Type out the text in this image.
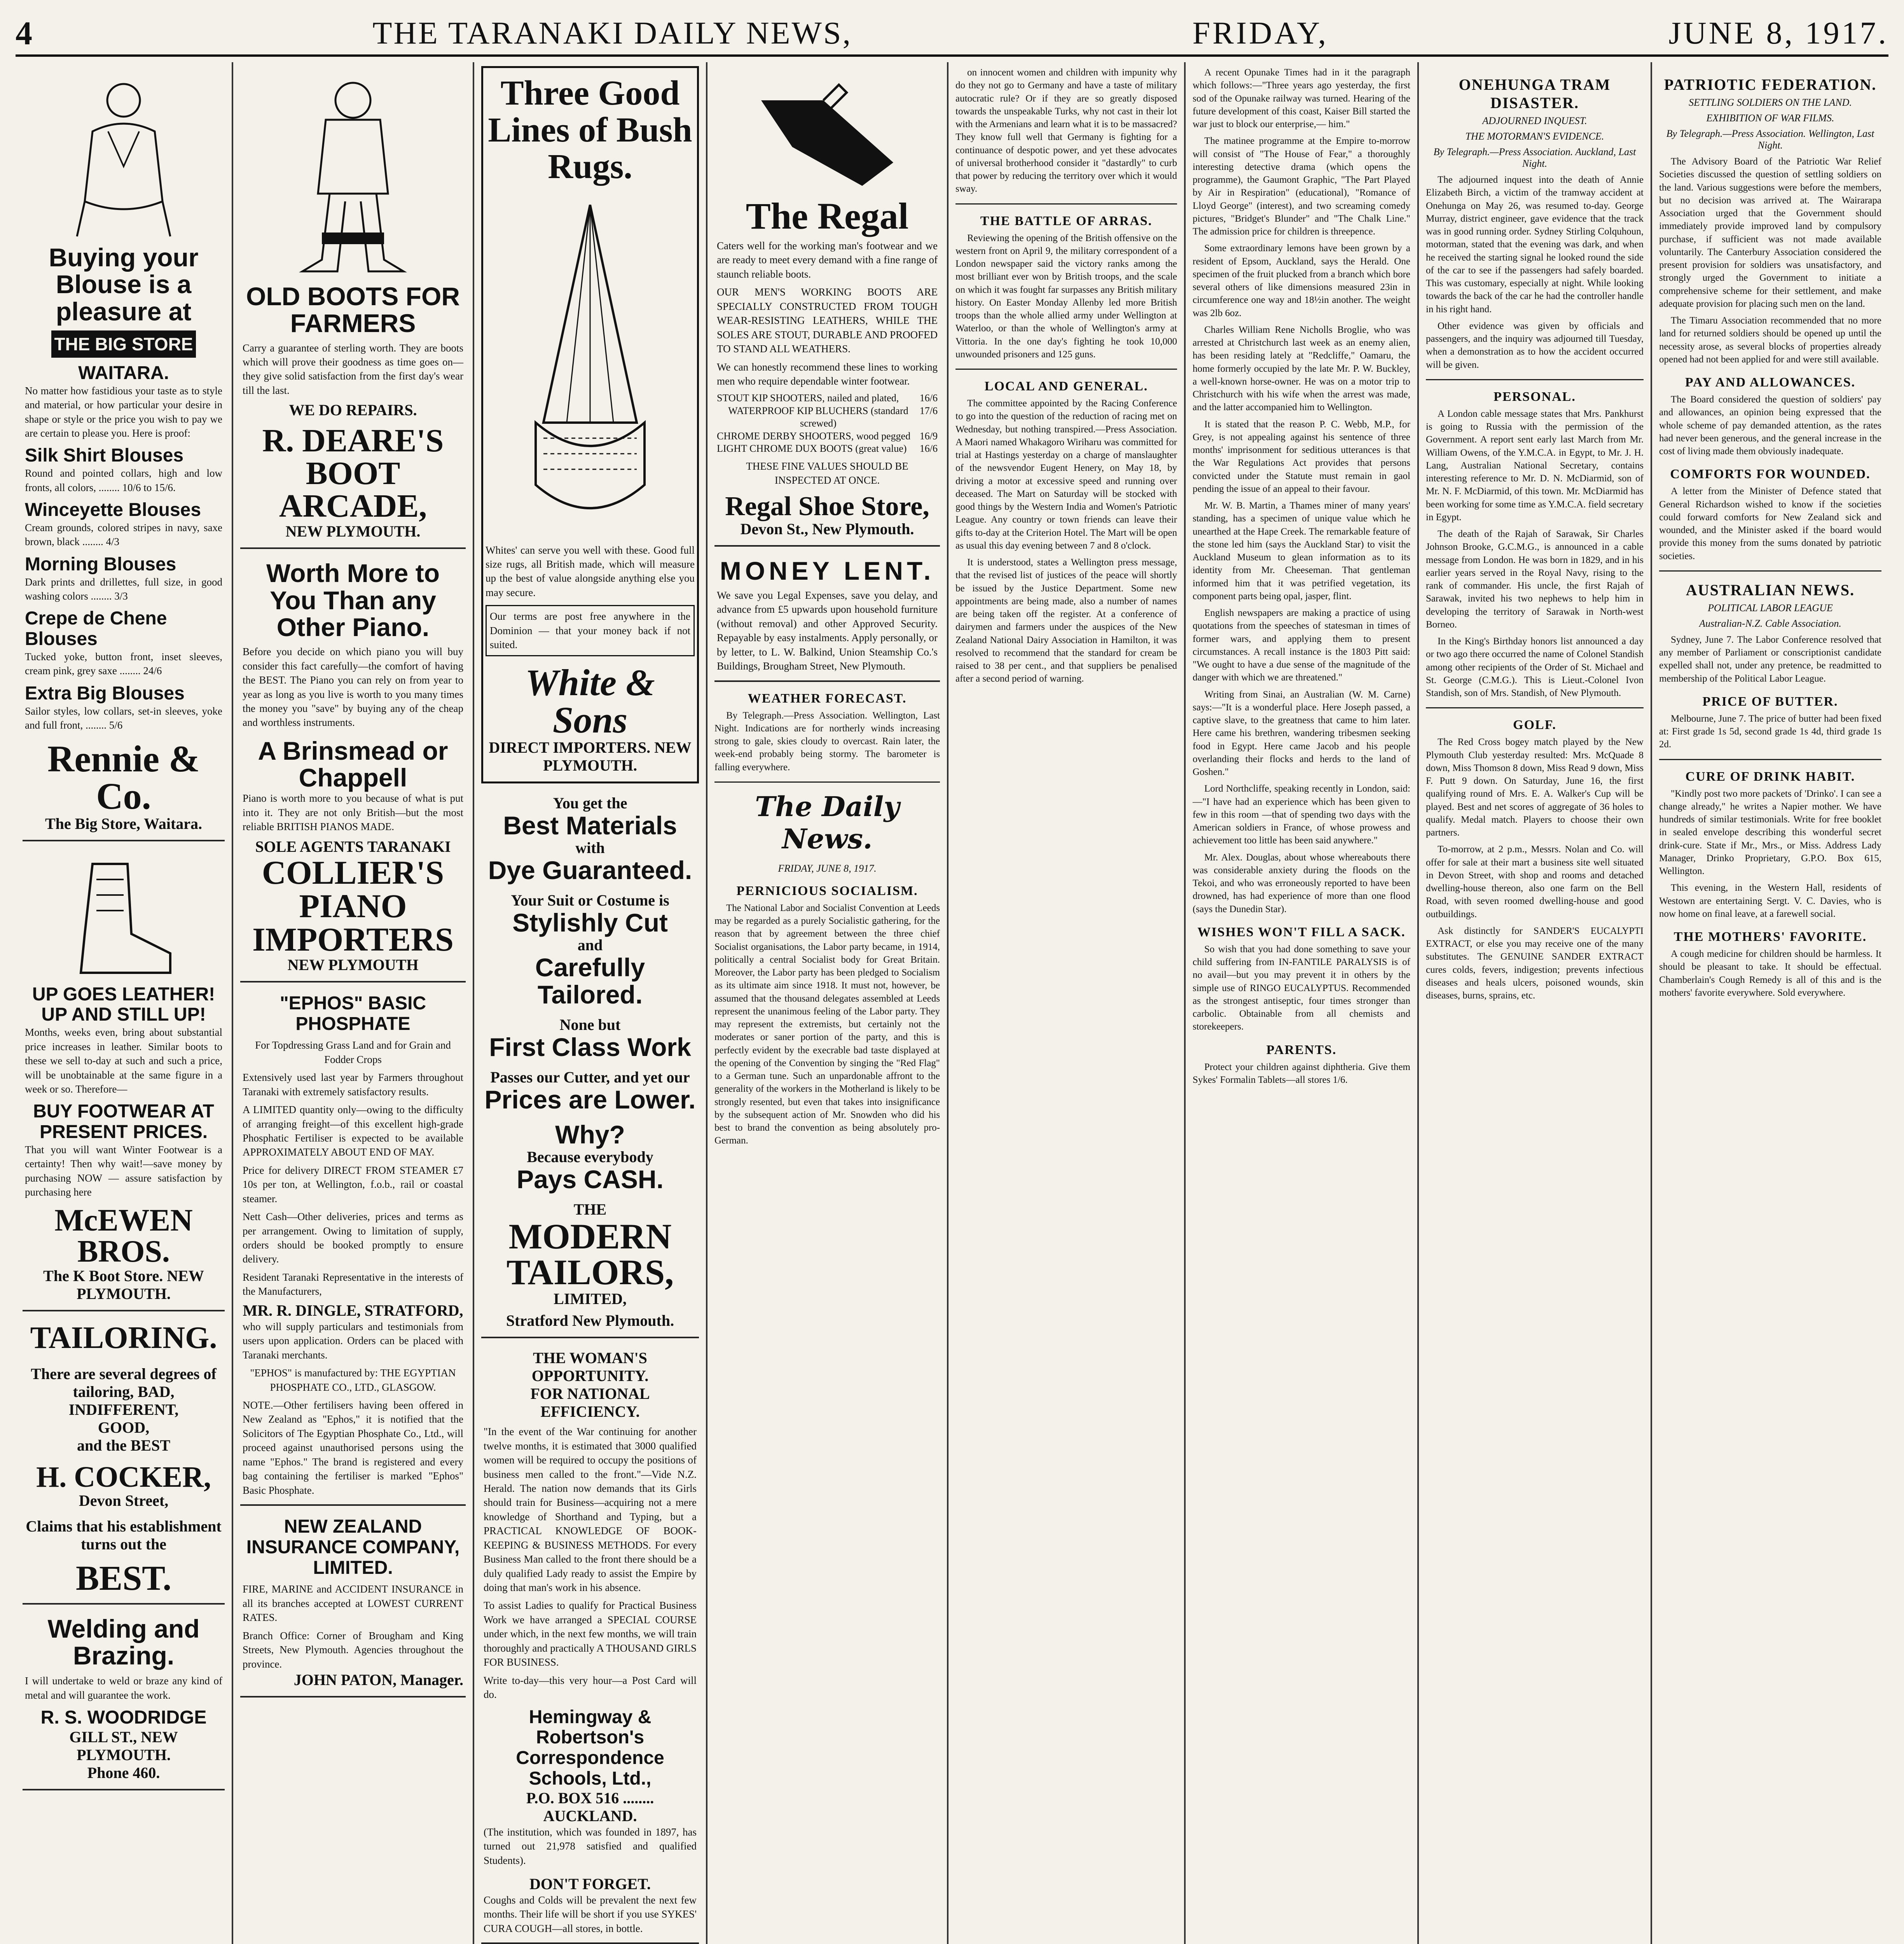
4	THE TARANAKI DAILY NEWS,	FRIDAY,	JUNE 8, 1917.
Buying your Blouse is a pleasure at
THE BIG STORE
WAITARA.
No matter how fastidious your taste as to style and material, or how particular your desire in shape or style or the price you wish to pay we are certain to please you. Here is proof:
Silk Shirt Blouses
Round and pointed collars, high and low fronts, all colors, ........ 10/6 to 15/6.
Winceyette Blouses
Cream grounds, colored stripes in navy, saxe brown, black ........ 4/3
Morning Blouses
Dark prints and drillettes, full size, in good washing colors ........ 3/3
Crepe de Chene Blouses
Tucked yoke, button front, inset sleeves, cream pink, grey saxe ........ 24/6
Extra Big Blouses
Sailor styles, low collars, set-in sleeves, yoke and full front, ........ 5/6
Rennie & Co.
The Big Store, Waitara.
UP GOES LEATHER! UP AND STILL UP!
Months, weeks even, bring about substantial price increases in leather. Similar boots to these we sell to-day at such and such a price, will be unobtainable at the same figure in a week or so. Therefore—
BUY FOOTWEAR AT PRESENT PRICES.
That you will want Winter Footwear is a certainty! Then why wait!—save money by purchasing NOW — assure satisfaction by purchasing here
McEWEN BROS.
The K Boot Store. NEW PLYMOUTH.
TAILORING.
There are several degrees of
tailoring, BAD,
INDIFFERENT,
GOOD,
and the BEST
H. COCKER,
Devon Street,
Claims that his establishment turns out the
BEST.
Welding and Brazing.
I will undertake to weld or braze any kind of metal and will guarantee the work.
R. S. WOODRIDGE
GILL ST., NEW PLYMOUTH.
Phone 460.
OLD BOOTS FOR FARMERS
Carry a guarantee of sterling worth. They are boots which will prove their goodness as time goes on—they give solid satisfaction from the first day's wear till the last.
WE DO REPAIRS.
R. DEARE'S BOOT ARCADE,
NEW PLYMOUTH.
Worth More to You Than any Other Piano.
Before you decide on which piano you will buy consider this fact carefully—the comfort of having the BEST. The Piano you can rely on from year to year as long as you live is worth to you many times the money you "save" by buying any of the cheap and worthless instruments.
A Brinsmead or Chappell
Piano is worth more to you because of what is put into it. They are not only British—but the most reliable BRITISH PIANOS MADE.
SOLE AGENTS TARANAKI
COLLIER'S PIANO IMPORTERS
NEW PLYMOUTH
"EPHOS" BASIC PHOSPHATE
For Topdressing Grass Land and for Grain and Fodder Crops
Extensively used last year by Farmers throughout Taranaki with extremely satisfactory results.
A LIMITED quantity only—owing to the difficulty of arranging freight—of this excellent high-grade Phosphatic Fertiliser is expected to be available APPROXIMATELY ABOUT END OF MAY.
Price for delivery DIRECT FROM STEAMER £7 10s per ton, at Wellington, f.o.b., rail or coastal steamer.
Nett Cash—Other deliveries, prices and terms as per arrangement. Owing to limitation of supply, orders should be booked promptly to ensure delivery.
Resident Taranaki Representative in the interests of the Manufacturers,
MR. R. DINGLE, STRATFORD,
who will supply particulars and testimonials from users upon application. Orders can be placed with Taranaki merchants.
"EPHOS" is manufactured by: THE EGYPTIAN PHOSPHATE CO., LTD., GLASGOW.
NOTE.—Other fertilisers having been offered in New Zealand as "Ephos," it is notified that the Solicitors of The Egyptian Phosphate Co., Ltd., will proceed against unauthorised persons using the name "Ephos." The brand is registered and every bag containing the fertiliser is marked "Ephos" Basic Phosphate.
NEW ZEALAND INSURANCE COMPANY, LIMITED.
FIRE, MARINE and ACCIDENT INSURANCE in all its branches accepted at LOWEST CURRENT RATES.
Branch Office: Corner of Brougham and King Streets, New Plymouth. Agencies throughout the province.
JOHN PATON, Manager.
Three Good Lines of Bush Rugs.
Whites' can serve you well with these. Good full size rugs, all British made, which will measure up the best of value alongside anything else you may secure.
Our terms are post free anywhere in the Dominion — that your money back if not suited.
White & Sons
DIRECT IMPORTERS. NEW PLYMOUTH.
You get the
Best Materials
with
Dye Guaranteed.
Your Suit or Costume is
Stylishly Cut
and
Carefully Tailored.
None but
First Class Work
Passes our Cutter, and yet our
Prices are Lower.
Why?
Because everybody
Pays CASH.
THE
MODERN TAILORS,
LIMITED,
Stratford New Plymouth.
THE WOMAN'S OPPORTUNITY.
FOR NATIONAL EFFICIENCY.
"In the event of the War continuing for another twelve months, it is estimated that 3000 qualified women will be required to occupy the positions of business men called to the front."—Vide N.Z. Herald. The nation now demands that its Girls should train for Business—acquiring not a mere knowledge of Shorthand and Typing, but a PRACTICAL KNOWLEDGE OF BOOK-KEEPING & BUSINESS METHODS. For every Business Man called to the front there should be a duly qualified Lady ready to assist the Empire by doing that man's work in his absence.
To assist Ladies to qualify for Practical Business Work we have arranged a SPECIAL COURSE under which, in the next few months, we will train thoroughly and practically A THOUSAND GIRLS FOR BUSINESS.
Write to-day—this very hour—a Post Card will do.
Hemingway & Robertson's Correspondence Schools, Ltd.,
P.O. BOX 516 ........ AUCKLAND.
(The institution, which was founded in 1897, has turned out 21,978 satisfied and qualified Students).
DON'T FORGET.
Coughs and Colds will be prevalent the next few months. Their life will be short if you use SYKES' CURA COUGH—all stores, in bottle.
The Regal
Caters well for the working man's footwear and we are ready to meet every demand with a fine range of staunch reliable boots.
OUR MEN'S WORKING BOOTS ARE SPECIALLY CONSTRUCTED FROM TOUGH WEAR-RESISTING LEATHERS, WHILE THE SOLES ARE STOUT, DURABLE AND PROOFED TO STAND ALL WEATHERS.
We can honestly recommend these lines to working men who require dependable winter footwear.
STOUT KIP SHOOTERS, nailed and plated, 16/6
WATERPROOF KIP BLUCHERS (standard screwed)
17/6
CHROME DERBY SHOOTERS, wood pegged 16/9
LIGHT CHROME DUX BOOTS (great value) 16/6
THESE FINE VALUES SHOULD BE INSPECTED AT ONCE.
Regal Shoe Store,
Devon St., New Plymouth.
MONEY LENT.
We save you Legal Expenses, save you delay, and advance from £5 upwards upon household furniture (without removal) and other Approved Security. Repayable by easy instalments. Apply personally, or by letter, to L. W. Balkind, Union Steamship Co.'s Buildings, Brougham Street, New Plymouth.
WEATHER FORECAST.

By Telegraph.—Press Association. Wellington, Last Night. Indications are for northerly winds increasing strong to gale, skies cloudy to overcast. Rain later, the week-end probably being stormy. The barometer is falling everywhere.

The Daily News.
FRIDAY, JUNE 8, 1917.
PERNICIOUS SOCIALISM.

The National Labor and Socialist Convention at Leeds may be regarded as a purely Socialistic gathering, for the reason that by agreement between the three chief Socialist organisations, the Labor party became, in 1914, politically a central Socialist body for Great Britain. Moreover, the Labor party has been pledged to Socialism as its ultimate aim since 1918. It must not, however, be assumed that the thousand delegates assembled at Leeds represent the unanimous feeling of the Labor party. They may represent the extremists, but certainly not the moderates or saner portion of the party, and this is perfectly evident by the execrable bad taste displayed at the opening of the Convention by singing the "Red Flag" to a German tune. Such an unpardonable affront to the generality of the workers in the Motherland is likely to be strongly resented, but even that takes into insignificance by the subsequent action of Mr. Snowden who did his best to brand the convention as being absolutely pro-German.

on innocent women and children with impunity why do they not go to Germany and have a taste of military autocratic rule? Or if they are so greatly disposed towards the unspeakable Turks, why not cast in their lot with the Armenians and learn what it is to be massacred? They know full well that Germany is fighting for a continuance of despotic power, and yet these advocates of universal brotherhood consider it "dastardly" to curb that power by reducing the territory over which it would sway.

THE BATTLE OF ARRAS.

Reviewing the opening of the British offensive on the western front on April 9, the military correspondent of a London newspaper said the victory ranks among the most brilliant ever won by British troops, and the scale on which it was fought far surpasses any British military history. On Easter Monday Allenby led more British troops than the whole allied army under Wellington at Waterloo, or than the whole of Wellington's army at Vittoria. In the one day's fighting he took 10,000 unwounded prisoners and 125 guns.

LOCAL AND GENERAL.

The committee appointed by the Racing Conference to go into the question of the reduction of racing met on Wednesday, but nothing transpired.—Press Association. A Maori named Whakagoro Wiriharu was committed for trial at Hastings yesterday on a charge of manslaughter of the newsvendor Eugent Henery, on May 18, by driving a motor at excessive speed and running over deceased. The Mart on Saturday will be stocked with good things by the Western India and Women's Patriotic League. Any country or town friends can leave their gifts to-day at the Criterion Hotel. The Mart will be open as usual this day evening between 7 and 8 o'clock.

It is understood, states a Wellington press message, that the revised list of justices of the peace will shortly be issued by the Justice Department. Some new appointments are being made, also a number of names are being taken off the register. At a conference of dairymen and farmers under the auspices of the New Zealand National Dairy Association in Hamilton, it was resolved to recommend that the standard for cream be raised to 38 per cent., and that suppliers be penalised after a second period of warning.

A recent Opunake Times had in it the paragraph which follows:—"Three years ago yesterday, the first sod of the Opunake railway was turned. Hearing of the future development of this coast, Kaiser Bill started the war just to block our enterprise,— him."

The matinee programme at the Empire to-morrow will consist of "The House of Fear," a thoroughly interesting detective drama (which opens the programme), the Gaumont Graphic, "The Part Played by Air in Respiration" (educational), "Romance of Lloyd George" (interest), and two screaming comedy pictures, "Bridget's Blunder" and "The Chalk Line." The admission price for children is threepence.

Some extraordinary lemons have been grown by a resident of Epsom, Auckland, says the Herald. One specimen of the fruit plucked from a branch which bore several others of like dimensions measured 23in in circumference one way and 18½in another. The weight was 2lb 6oz.

Charles William Rene Nicholls Broglie, who was arrested at Christchurch last week as an enemy alien, has been residing lately at "Redcliffe," Oamaru, the home formerly occupied by the late Mr. P. W. Buckley, a well-known horse-owner. He was on a motor trip to Christchurch with his wife when the arrest was made, and the latter accompanied him to Wellington.

It is stated that the reason P. C. Webb, M.P., for Grey, is not appealing against his sentence of three months' imprisonment for seditious utterances is that the War Regulations Act provides that persons convicted under the Statute must remain in gaol pending the issue of an appeal to their favour.

Mr. W. B. Martin, a Thames miner of many years' standing, has a specimen of unique value which he unearthed at the Hape Creek. The remarkable feature of the stone led him (says the Auckland Star) to visit the Auckland Museum to glean information as to its identity from Mr. Cheeseman. That gentleman informed him that it was petrified vegetation, its component parts being opal, jasper, flint.

English newspapers are making a practice of using quotations from the speeches of statesman in times of former wars, and applying them to present circumstances. A recall instance is the 1803 Pitt said: "We ought to have a due sense of the magnitude of the danger with which we are threatened."

Writing from Sinai, an Australian (W. M. Carne) says:—"It is a wonderful place. Here Joseph passed, a captive slave, to the greatness that came to him later. Here came his brethren, wandering tribesmen seeking food in Egypt. Here came Jacob and his people overlanding their flocks and herds to the land of Goshen."

Lord Northcliffe, speaking recently in London, said:—"I have had an experience which has been given to few in this room —that of spending two days with the American soldiers in France, of whose prowess and achievement too little has been said anywhere."

Mr. Alex. Douglas, about whose whereabouts there was considerable anxiety during the floods on the Tekoi, and who was erroneously reported to have been drowned, has had experience of more than one flood (says the Dunedin Star).

WISHES WON'T FILL A SACK.

So wish that you had done something to save your child suffering from IN-FANTILE PARALYSIS is of no avail—but you may prevent it in others by the simple use of RINGO EUCALYPTUS. Recommended as the strongest antiseptic, four times stronger than carbolic. Obtainable from all chemists and storekeepers.

PARENTS.

Protect your children against diphtheria. Give them Sykes' Formalin Tablets—all stores 1/6.

ONEHUNGA TRAM DISASTER.
ADJOURNED INQUEST.
THE MOTORMAN'S EVIDENCE.
By Telegraph.—Press Association. Auckland, Last Night.

The adjourned inquest into the death of Annie Elizabeth Birch, a victim of the tramway accident at Onehunga on May 26, was resumed to-day. George Murray, district engineer, gave evidence that the track was in good running order. Sydney Stirling Colquhoun, motorman, stated that the evening was dark, and when he received the starting signal he looked round the side of the car to see if the passengers had safely boarded. This was customary, especially at night. While looking towards the back of the car he had the controller handle in his right hand.

Other evidence was given by officials and passengers, and the inquiry was adjourned till Tuesday, when a demonstration as to how the accident occurred will be given.

PERSONAL.

A London cable message states that Mrs. Pankhurst is going to Russia with the permission of the Government. A report sent early last March from Mr. William Owens, of the Y.M.C.A. in Egypt, to Mr. J. H. Lang, Australian National Secretary, contains interesting reference to Mr. D. N. McDiarmid, son of Mr. N. F. McDiarmid, of this town. Mr. McDiarmid has been working for some time as Y.M.C.A. field secretary in Egypt.

The death of the Rajah of Sarawak, Sir Charles Johnson Brooke, G.C.M.G., is announced in a cable message from London. He was born in 1829, and in his earlier years served in the Royal Navy, rising to the rank of commander. His uncle, the first Rajah of Sarawak, invited his two nephews to help him in developing the territory of Sarawak in North-west Borneo.

In the King's Birthday honors list announced a day or two ago there occurred the name of Colonel Standish among other recipients of the Order of St. Michael and St. George (C.M.G.). This is Lieut.-Colonel Ivon Standish, son of Mrs. Standish, of New Plymouth.

GOLF.

The Red Cross bogey match played by the New Plymouth Club yesterday resulted: Mrs. McQuade 8 down, Miss Thomson 8 down, Miss Read 9 down, Miss F. Putt 9 down. On Saturday, June 16, the first qualifying round of Mrs. E. A. Walker's Cup will be played. Best and net scores of aggregate of 36 holes to qualify. Medal match. Players to choose their own partners.

To-morrow, at 2 p.m., Messrs. Nolan and Co. will offer for sale at their mart a business site well situated in Devon Street, with shop and rooms and detached dwelling-house thereon, also one farm on the Bell Road, with seven roomed dwelling-house and good outbuildings.

Ask distinctly for SANDER'S EUCALYPTI EXTRACT, or else you may receive one of the many substitutes. The GENUINE SANDER EXTRACT cures colds, fevers, indigestion; prevents infectious diseases and heals ulcers, poisoned wounds, skin diseases, burns, sprains, etc.

PATRIOTIC FEDERATION.
SETTLING SOLDIERS ON THE LAND.
EXHIBITION OF WAR FILMS.
By Telegraph.—Press Association. Wellington, Last Night.

The Advisory Board of the Patriotic War Relief Societies discussed the question of settling soldiers on the land. Various suggestions were before the members, but no decision was arrived at. The Wairarapa Association urged that the Government should immediately provide improved land by compulsory purchase, if sufficient was not made available voluntarily. The Canterbury Association considered the present provision for soldiers was unsatisfactory, and strongly urged the Government to initiate a comprehensive scheme for their settlement, and make adequate provision for placing such men on the land.

The Timaru Association recommended that no more land for returned soldiers should be opened up until the necessity arose, as several blocks of properties already opened had not been applied for and were still available.

PAY AND ALLOWANCES.

The Board considered the question of soldiers' pay and allowances, an opinion being expressed that the whole scheme of pay demanded attention, as the rates had never been generous, and the general increase in the cost of living made them obviously inadequate.

COMFORTS FOR WOUNDED.

A letter from the Minister of Defence stated that General Richardson wished to know if the societies could forward comforts for New Zealand sick and wounded, and the Minister asked if the board would provide this money from the sums donated by patriotic societies.

AUSTRALIAN NEWS.
POLITICAL LABOR LEAGUE
Australian-N.Z. Cable Association.

Sydney, June 7. The Labor Conference resolved that any member of Parliament or conscriptionist candidate expelled shall not, under any pretence, be readmitted to membership of the Political Labor League.

PRICE OF BUTTER.

Melbourne, June 7. The price of butter had been fixed at: First grade 1s 5d, second grade 1s 4d, third grade 1s 2d.

CURE OF DRINK HABIT.

"Kindly post two more packets of 'Drinko'. I can see a change already," he writes a Napier mother. We have hundreds of similar testimonials. Write for free booklet in sealed envelope describing this wonderful secret drink-cure. State if Mr., Mrs., or Miss. Address Lady Manager, Drinko Proprietary, G.P.O. Box 615, Wellington.

This evening, in the Western Hall, residents of Westown are entertaining Sergt. V. C. Davies, who is now home on final leave, at a farewell social.

THE MOTHERS' FAVORITE.

A cough medicine for children should be harmless. It should be pleasant to take. It should be effectual. Chamberlain's Cough Remedy is all of this and is the mothers' favorite everywhere. Sold everywhere.
